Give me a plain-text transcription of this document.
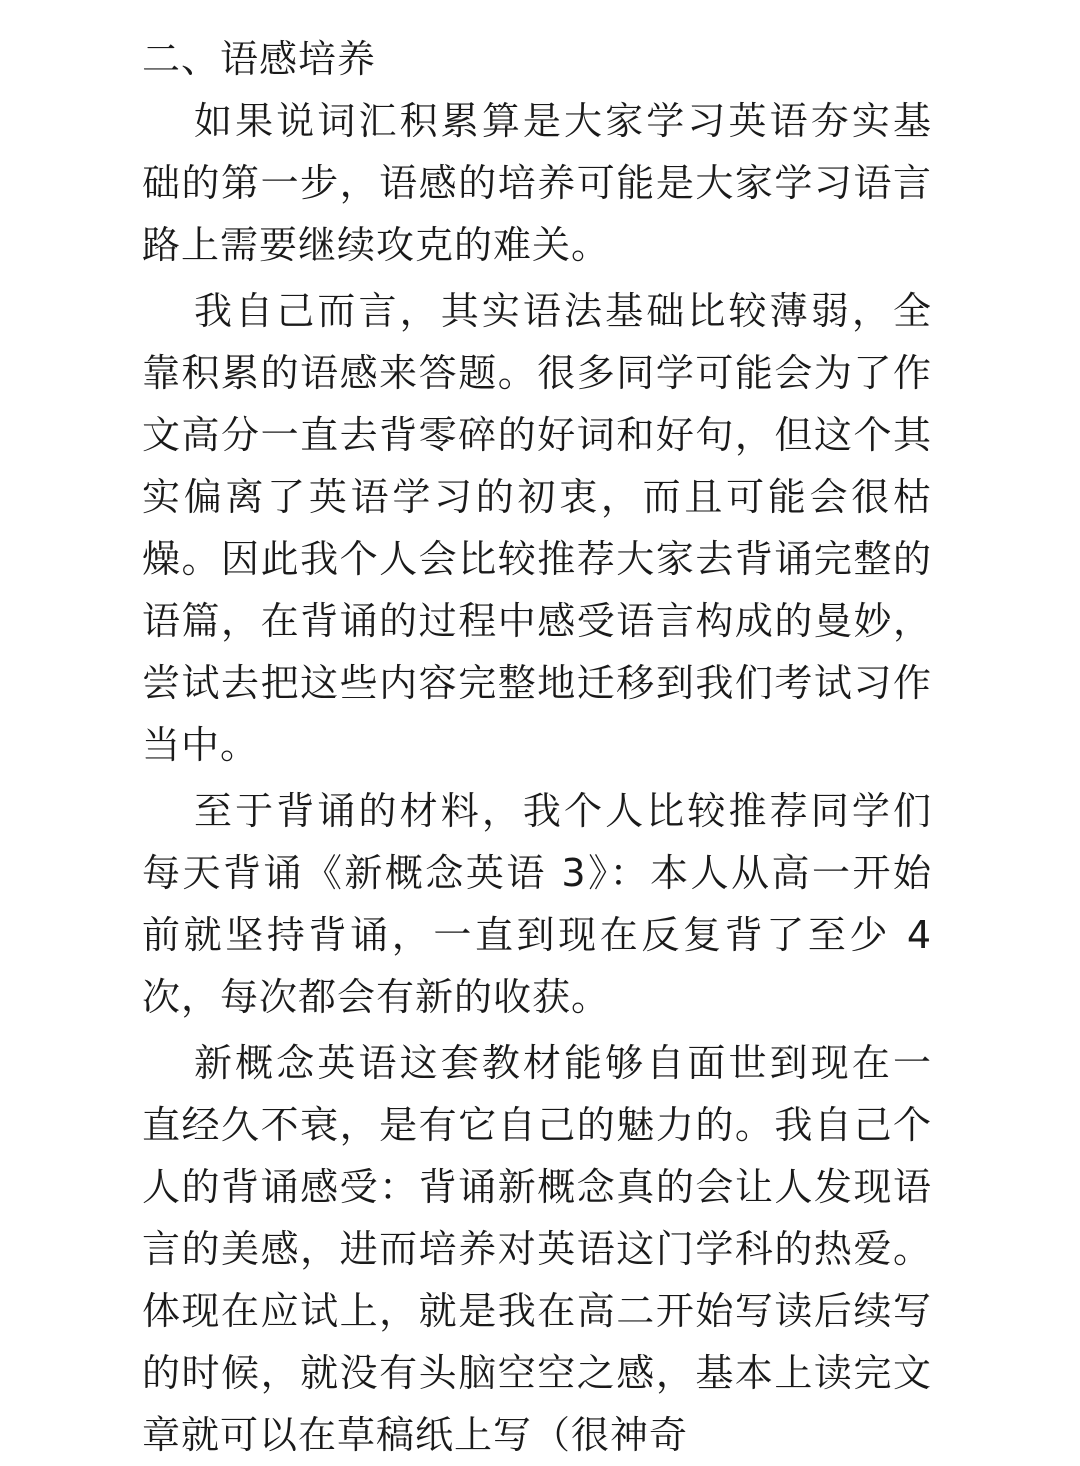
二、语感培养

如果说词汇积累算是大家学习英语夯实基础的第一步，语感的培养可能是大家学习语言路上需要继续攻克的难关。

我自己而言，其实语法基础比较薄弱，全靠积累的语感来答题。很多同学可能会为了作文高分一直去背零碎的好词和好句，但这个其实偏离了英语学习的初衷，而且可能会很枯燥。因此我个人会比较推荐大家去背诵完整的语篇，在背诵的过程中感受语言构成的曼妙，尝试去把这些内容完整地迁移到我们考试习作当中。

至于背诵的材料，我个人比较推荐同学们每天背诵《新概念英语 3》：本人从高一开始前就坚持背诵，一直到现在反复背了至少 4 次，每次都会有新的收获。

新概念英语这套教材能够自面世到现在一直经久不衰，是有它自己的魅力的。我自己个人的背诵感受：背诵新概念真的会让人发现语言的美感，进而培养对英语这门学科的热爱。体现在应试上，就是我在高二开始写读后续写的时候，就没有头脑空空之感，基本上读完文章就可以在草稿纸上写（很神奇
